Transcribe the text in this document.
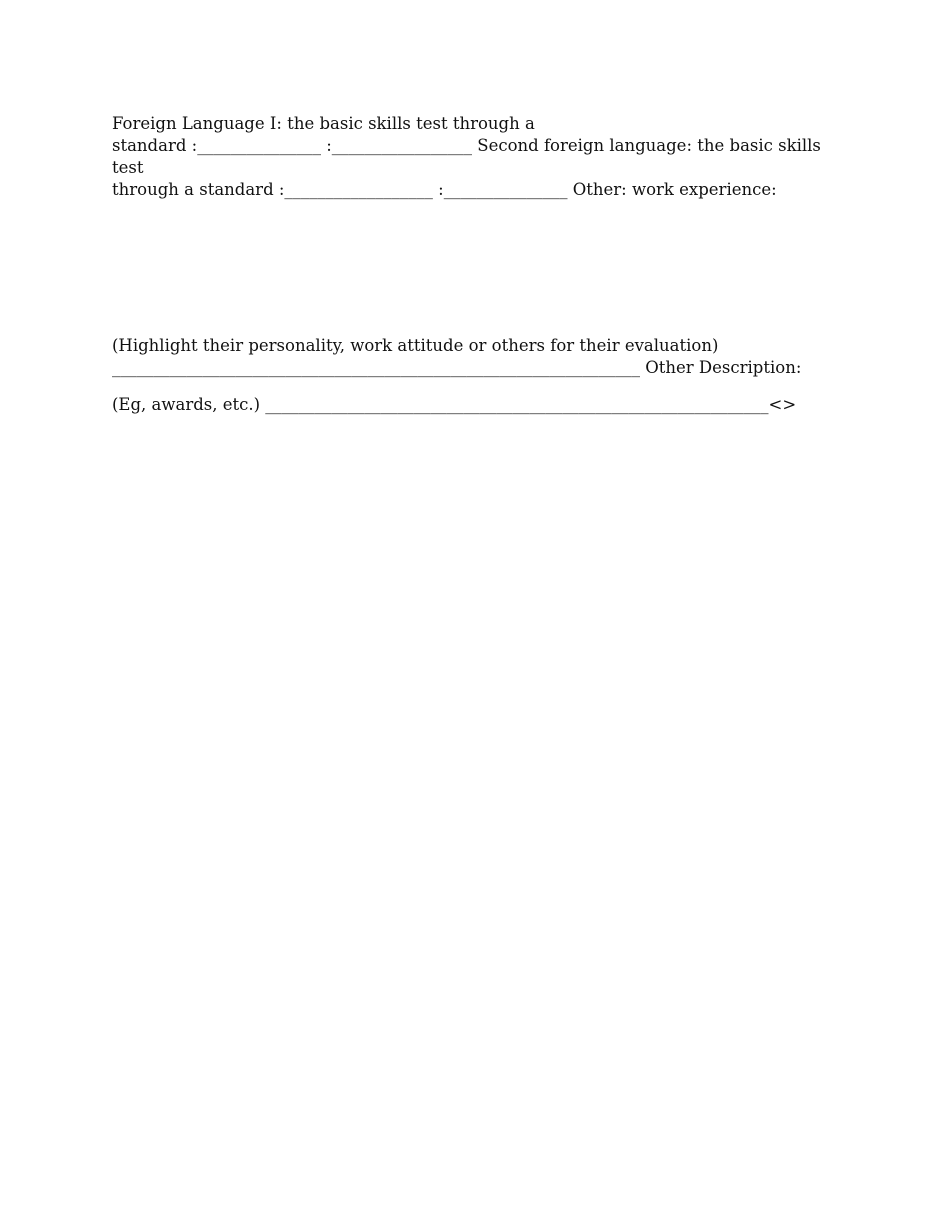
Foreign Language I: the basic skills test through a
standard :_______________ :_________________ Second foreign language: the basic skills test
through a standard :__________________ :_______________ Other: work experience:
(Highlight their personality, work attitude or others for their evaluation)
________________________________________________________________ Other Description:
(Eg, awards, etc.) _____________________________________________________________<>
